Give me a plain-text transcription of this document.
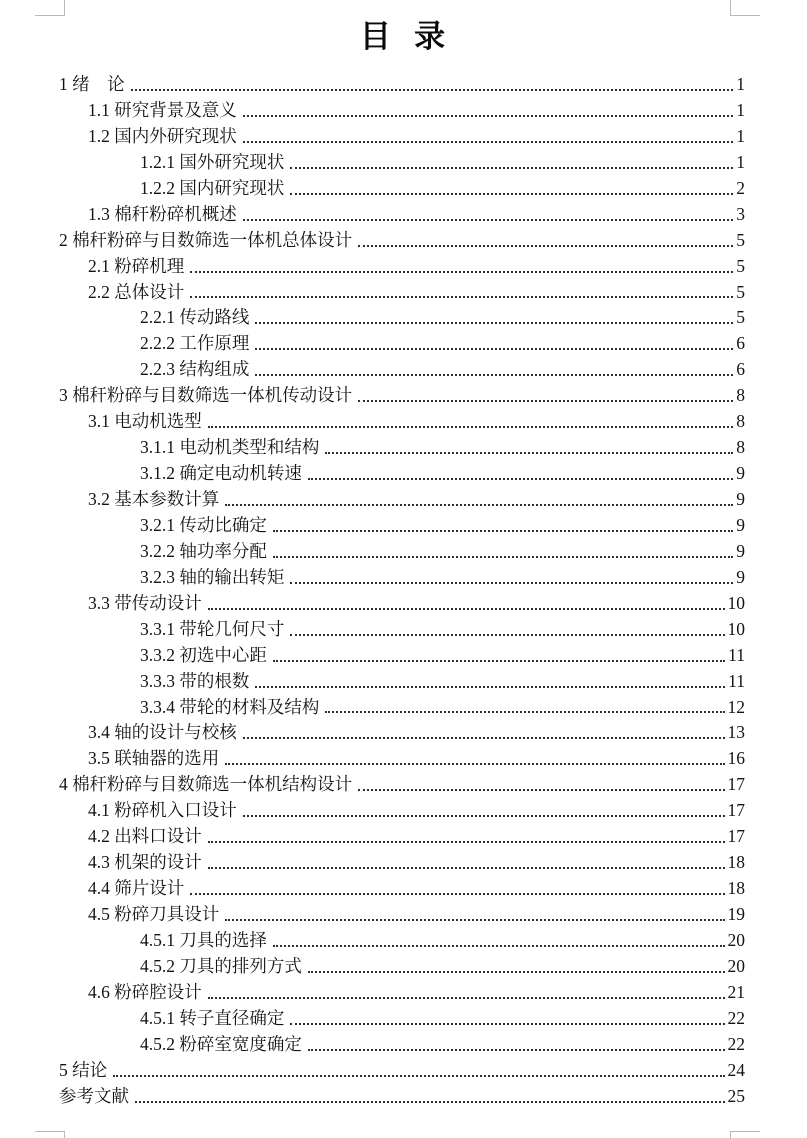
目  录
1 绪　论	1
1.1 研究背景及意义	1
1.2 国内外研究现状	1
1.2.1 国外研究现状	1
1.2.2 国内研究现状	2
1.3 棉秆粉碎机概述	3
2 棉秆粉碎与目数筛选一体机总体设计	5
2.1 粉碎机理	5
2.2 总体设计	5
2.2.1 传动路线	5
2.2.2 工作原理	6
2.2.3 结构组成	6
3 棉秆粉碎与目数筛选一体机传动设计	8
3.1 电动机选型	8
3.1.1 电动机类型和结构	8
3.1.2 确定电动机转速	9
3.2 基本参数计算	9
3.2.1 传动比确定	9
3.2.2 轴功率分配	9
3.2.3 轴的输出转矩	9
3.3 带传动设计	10
3.3.1 带轮几何尺寸	10
3.3.2 初选中心距	11
3.3.3 带的根数	11
3.3.4 带轮的材料及结构	12
3.4 轴的设计与校核	13
3.5 联轴器的选用	16
4 棉秆粉碎与目数筛选一体机结构设计	17
4.1 粉碎机入口设计	17
4.2 出料口设计	17
4.3 机架的设计	18
4.4 筛片设计	18
4.5 粉碎刀具设计	19
4.5.1 刀具的选择	20
4.5.2 刀具的排列方式	20
4.6 粉碎腔设计	21
4.5.1 转子直径确定	22
4.5.2 粉碎室宽度确定	22
5 结论	24
参考文献	25
